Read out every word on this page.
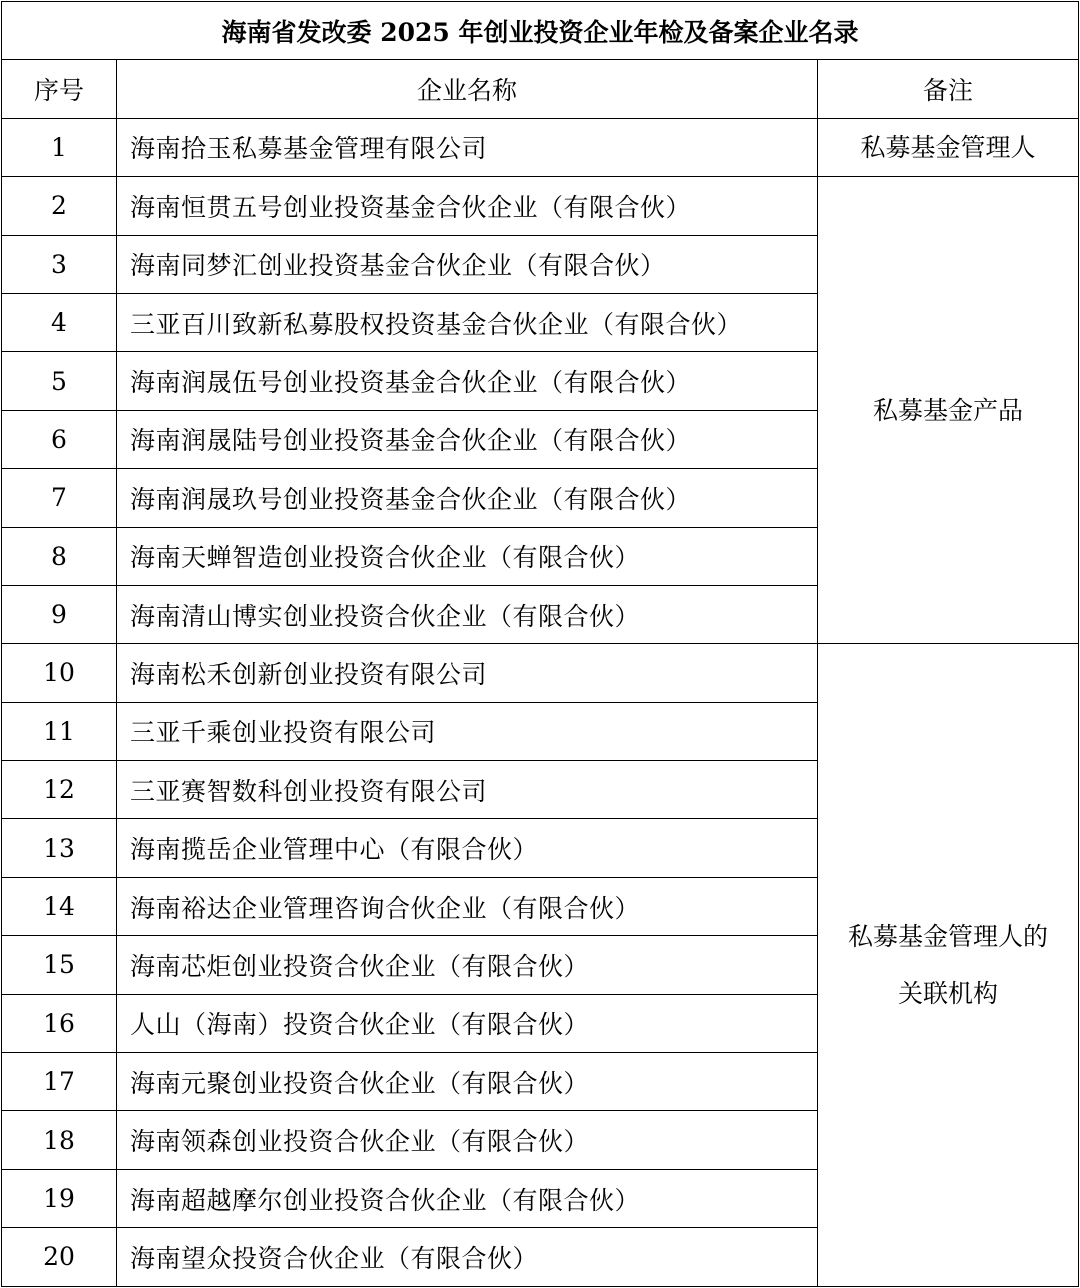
海南省发改委 2025 年创业投资企业年检及备案企业名录		
序号	企业名称	备注
1	海南拾玉私募基金管理有限公司	私募基金管理人
2	海南恒贯五号创业投资基金合伙企业（有限合伙）	私募基金产品
3	海南同梦汇创业投资基金合伙企业（有限合伙）	
4	三亚百川致新私募股权投资基金合伙企业（有限合伙）	
5	海南润晟伍号创业投资基金合伙企业（有限合伙）	
6	海南润晟陆号创业投资基金合伙企业（有限合伙）	
7	海南润晟玖号创业投资基金合伙企业（有限合伙）	
8	海南天蝉智造创业投资合伙企业（有限合伙）	
9	海南清山博实创业投资合伙企业（有限合伙）	
10	海南松禾创新创业投资有限公司	私募基金管理人的
关联机构

11	三亚千乘创业投资有限公司	
12	三亚赛智数科创业投资有限公司	
13	海南揽岳企业管理中心（有限合伙）	
14	海南裕达企业管理咨询合伙企业（有限合伙）	
15	海南芯炬创业投资合伙企业（有限合伙）	
16	人山（海南）投资合伙企业（有限合伙）	
17	海南元聚创业投资合伙企业（有限合伙）	
18	海南领森创业投资合伙企业（有限合伙）	
19	海南超越摩尔创业投资合伙企业（有限合伙）	
20	海南望众投资合伙企业（有限合伙）	
